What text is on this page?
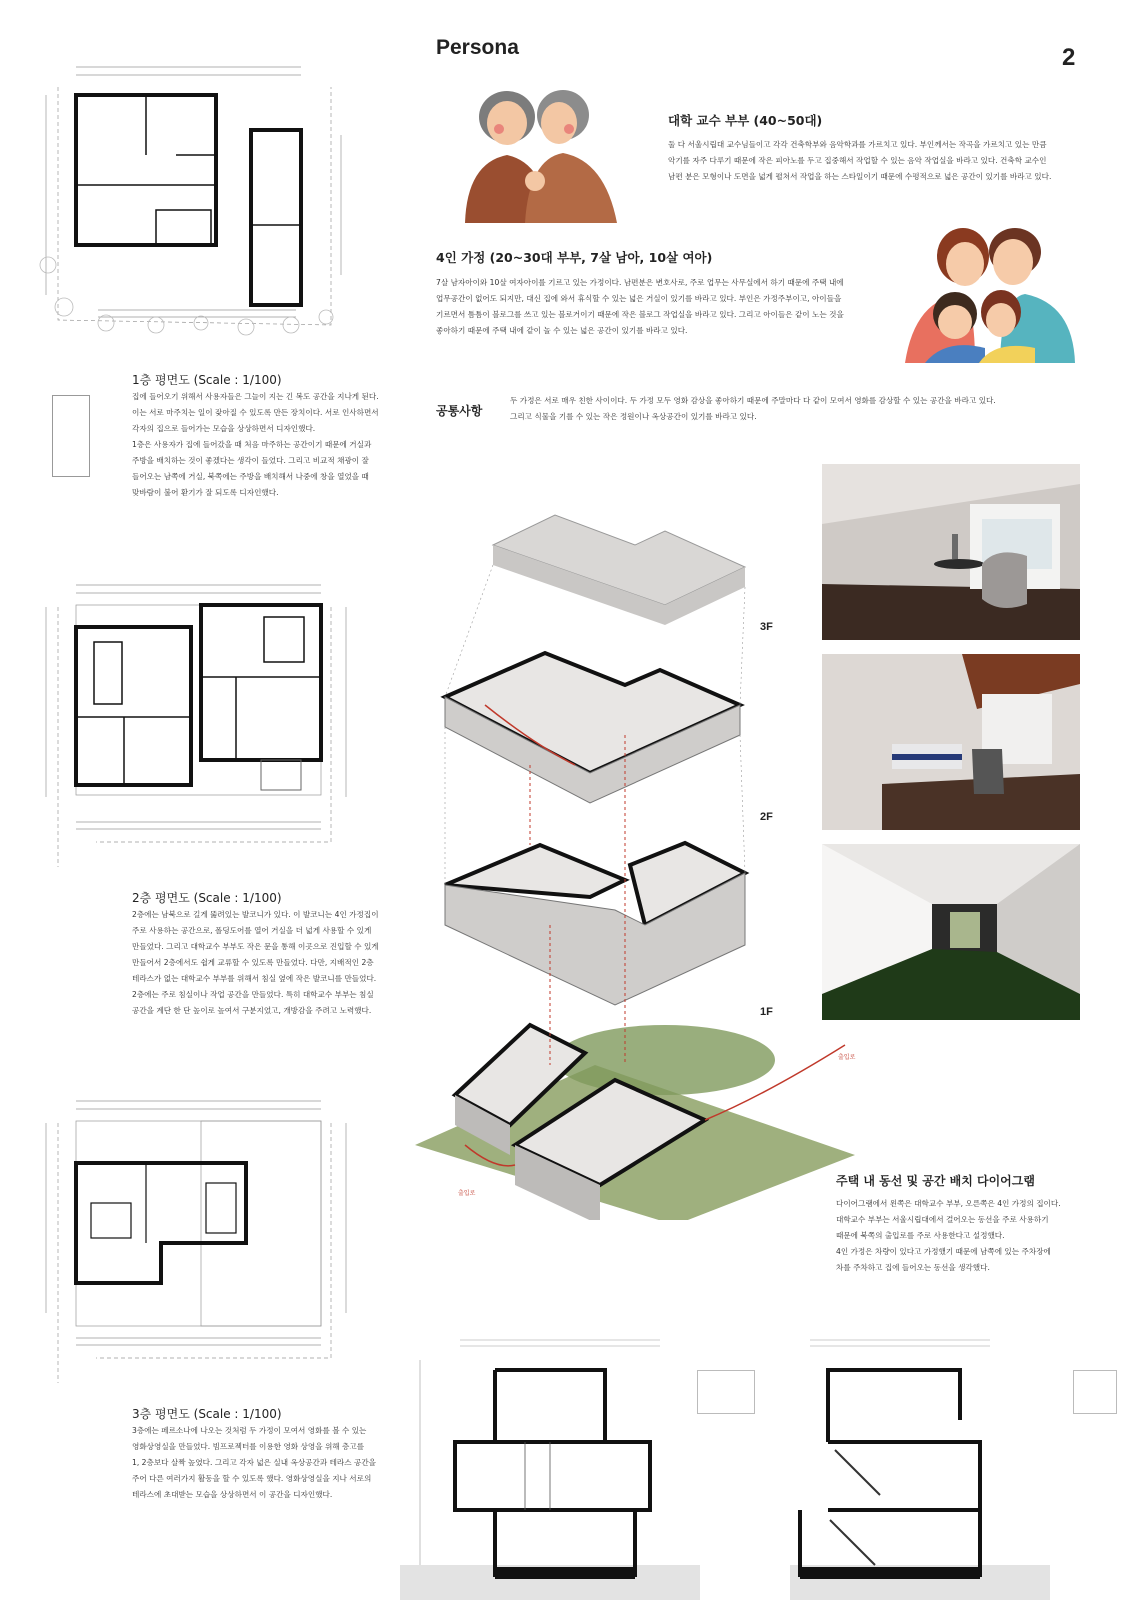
Persona	2
대학 교수 부부 (40~50대)
둘 다 서울시립대 교수님들이고 각각 건축학부와 음악학과를 가르치고 있다. 부인께서는 작곡을 가르치고 있는 만큼
악기를 자주 다루기 때문에 작은 피아노를 두고 집중해서 작업할 수 있는 음악 작업실을 바라고 있다. 건축학 교수인
남편 분은 모형이나 도면을 넓게 펼쳐서 작업을 하는 스타일이기 때문에 수평적으로 넓은 공간이 있기를 바라고 있다.
4인 가정 (20~30대 부부, 7살 남아, 10살 여아)
7살 남자아이와 10살 여자아이를 기르고 있는 가정이다. 남편분은 변호사로, 주로 업무는 사무실에서 하기 때문에 주택 내에
업무공간이 없어도 되지만, 대신 집에 와서 휴식할 수 있는 넓은 거실이 있기를 바라고 있다. 부인은 가정주부이고, 아이들을
기르면서 틈틈이 블로그를 쓰고 있는 블로거이기 때문에 작은 블로그 작업실을 바라고 있다. 그리고 아이들은 같이 노는 것을
좋아하기 때문에 주택 내에 같이 놀 수 있는 넓은 공간이 있기를 바라고 있다.
공통사항
두 가정은 서로 매우 친한 사이이다. 두 가정 모두 영화 감상을 좋아하기 때문에 주말마다 다 같이 모여서 영화를 감상할 수 있는 공간을 바라고 있다.
그리고 식물을 기를 수 있는 작은 정원이나 옥상공간이 있기를 바라고 있다.
1층 평면도 (Scale : 1/100)
집에 들어오기 위해서 사용자들은 그늘이 지는 긴 복도 공간을 지나게 된다.
이는 서로 마주치는 일이 잦아질 수 있도록 만든 장치이다. 서로 인사하면서
각자의 집으로 들어가는 모습을 상상하면서 디자인했다.
1층은 사용자가 집에 들어갔을 때 처음 마주하는 공간이기 때문에 거실과
주방을 배치하는 것이 좋겠다는 생각이 들었다. 그리고 비교적 채광이 잘
들어오는 남쪽에 거실, 북쪽에는 주방을 배치해서 나중에 창을 열었을 때
맞바람이 불어 환기가 잘 되도록 디자인했다.
2층 평면도 (Scale : 1/100)
2층에는 남북으로 길게 뚫려있는 발코니가 있다. 이 발코니는 4인 가정집이
주로 사용하는 공간으로, 폴딩도어를 열어 거실을 더 넓게 사용할 수 있게
만들었다. 그리고 대학교수 부부도 작은 문을 통해 이곳으로 진입할 수 있게
만들어서 2층에서도 쉽게 교류할 수 있도록 만들었다. 다만, 지배적인 2층
테라스가 없는 대학교수 부부를 위해서 침실 옆에 작은 발코니를 만들었다.
2층에는 주로 침실이나 작업 공간을 만들었다. 특히 대학교수 부부는 침실
공간을 계단 한 단 높이로 높여서 구분지었고, 개방감을 주려고 노력했다.
3층 평면도 (Scale : 1/100)
3층에는 페르소나에 나오는 것처럼 두 가정이 모여서 영화를 볼 수 있는
영화상영실을 만들었다. 빔프로젝터를 이용한 영화 상영을 위해 층고를
1, 2층보다 살짝 높였다. 그리고 각자 넓은 실내 옥상공간과 테라스 공간을
주어 다른 여러가지 활동을 할 수 있도록 했다. 영화상영실을 지나 서로의
테라스에 초대받는 모습을 상상하면서 이 공간을 디자인했다.
출입로
출입로
3F
2F
1F
주택 내 동선 및 공간 배치 다이어그램
다이어그램에서 왼쪽은 대학교수 부부, 오른쪽은 4인 가정의 집이다.
대학교수 부부는 서울시립대에서 걸어오는 동선을 주로 사용하기
때문에 북쪽의 출입로를 주로 사용한다고 설정했다.
4인 가정은 차량이 있다고 가정했기 때문에 남쪽에 있는 주차장에
차를 주차하고 집에 들어오는 동선을 생각했다.
